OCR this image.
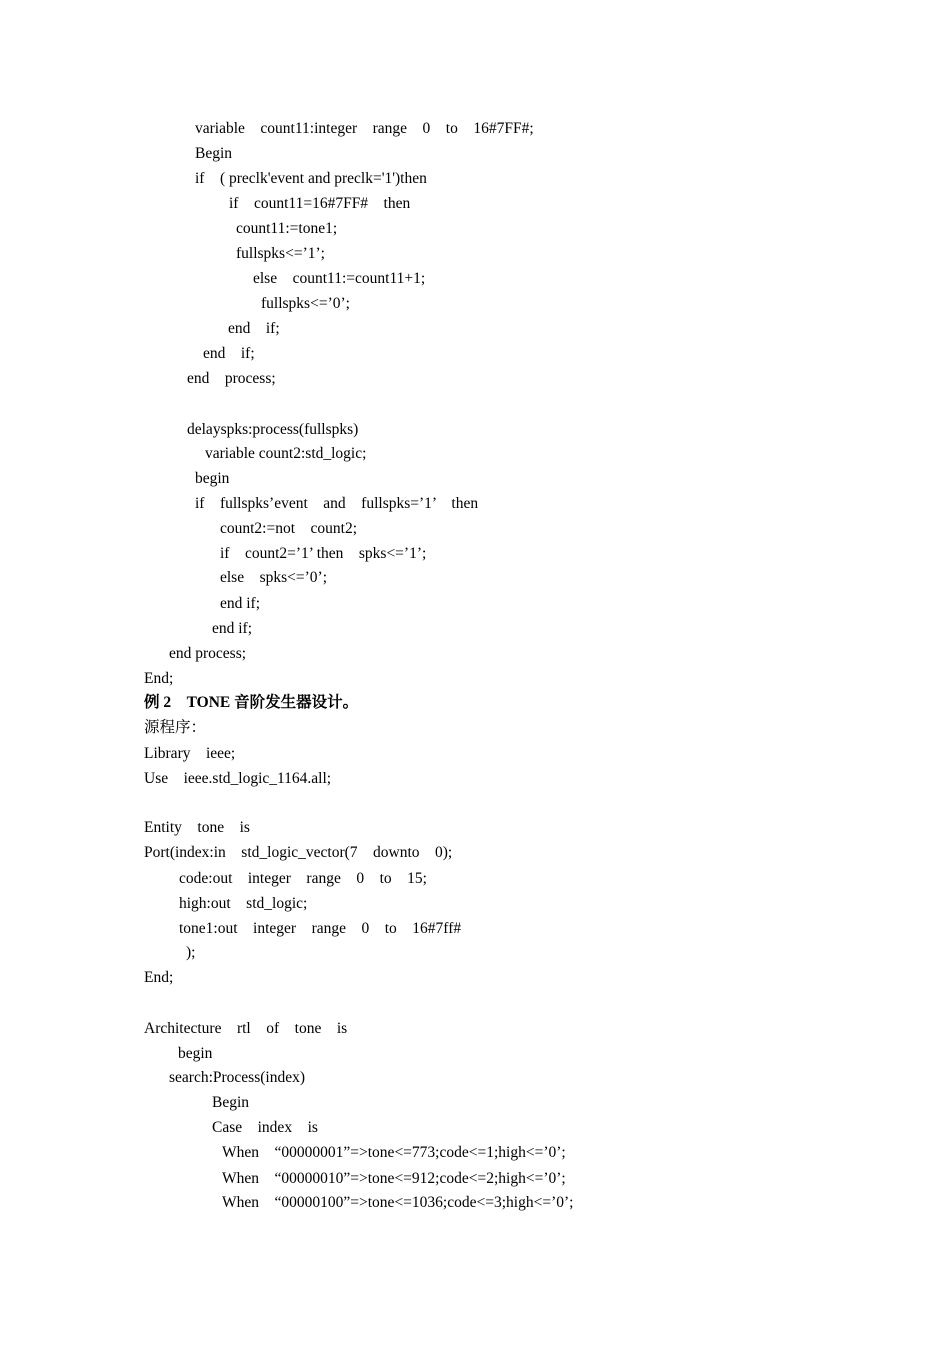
variable    count11:integer    range    0    to    16#7FF#;
Begin
if    ( preclk'event and preclk='1')then
if    count11=16#7FF#    then
count11:=tone1;
fullspks<=’1’;
else    count11:=count11+1;
fullspks<=’0’;
end    if;
end    if;
end    process;
delayspks:process(fullspks)
variable count2:std_logic;
begin
if    fullspks’event    and    fullspks=’1’    then
count2:=not    count2;
if    count2=’1’ then    spks<=’1’;
else    spks<=’0’;
end if;
end if;
end process;
End;
例 2    TONE 音阶发生器设计。
源程序：
Library    ieee;
Use    ieee.std_logic_1164.all;
Entity    tone    is
Port(index:in    std_logic_vector(7    downto    0);
code:out    integer    range    0    to    15;
high:out    std_logic;
tone1:out    integer    range    0    to    16#7ff#
);
End;
Architecture    rtl    of    tone    is
begin
search:Process(index)
Begin
Case    index    is
When    “00000001”=>tone<=773;code<=1;high<=’0’;
When    “00000010”=>tone<=912;code<=2;high<=’0’;
When    “00000100”=>tone<=1036;code<=3;high<=’0’;
